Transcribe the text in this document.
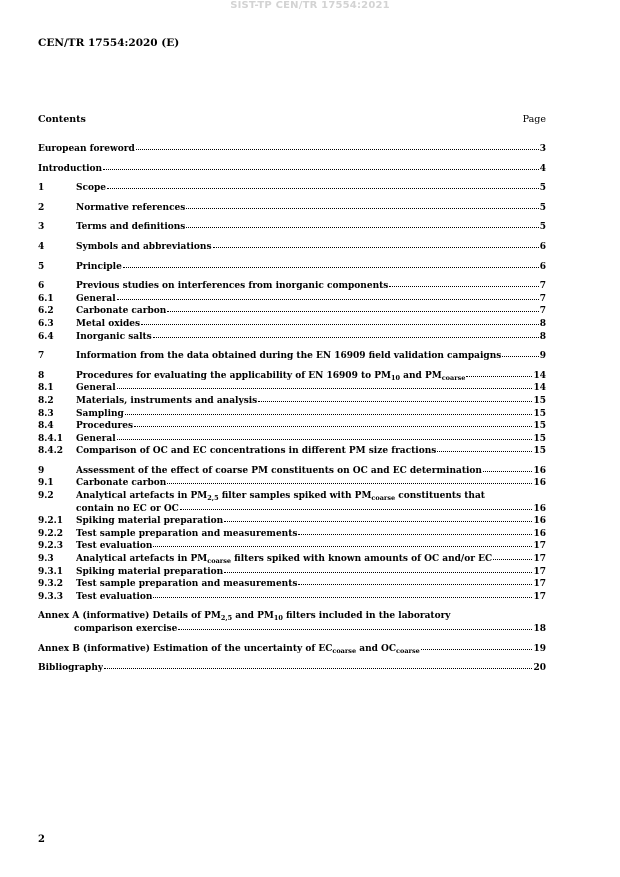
SIST-TP CEN/TR 17554:2021
CEN/TR 17554:2020 (E)
Contents	Page
European foreword	3
Introduction	4
1	Scope	5
2	Normative references	5
3	Terms and definitions	5
4	Symbols and abbreviations	6
5	Principle	6
6	Previous studies on interferences from inorganic components	7
6.1	General	7
6.2	Carbonate carbon	7
6.3	Metal oxides	8
6.4	Inorganic salts	8
7	Information from the data obtained during the EN 16909 field validation campaigns	9
8	Procedures for evaluating the applicability of EN 16909 to $PM_{10}$ and $PM_{coarse}$	14
8.1	General	14
8.2	Materials, instruments and analysis	15
8.3	Sampling	15
8.4	Procedures	15
8.4.1	General	15
8.4.2	Comparison of OC and EC concentrations in different PM size fractions	15
9	Assessment of the effect of coarse PM constituents on OC and EC determination	16
9.1	Carbonate carbon	16
9.2	Analytical artefacts in $PM_{2,5}$ filter samples spiked with $PM_{coarse}$ constituents that
contain no EC or OC	16
9.2.1	Spiking material preparation	16
9.2.2	Test sample preparation and measurements	16
9.2.3	Test evaluation	17
9.3	Analytical artefacts in $PM_{coarse}$ filters spiked with known amounts of OC and/or EC	17
9.3.1	Spiking material preparation	17
9.3.2	Test sample preparation and measurements	17
9.3.3	Test evaluation	17
Annex A (informative) Details of $PM_{2,5}$ and $PM_{10}$ filters included in the laboratory
comparison exercise	18
Annex B (informative) Estimation of the uncertainty of $EC_{coarse}$ and $OC_{coarse}$	19
Bibliography	20
2
